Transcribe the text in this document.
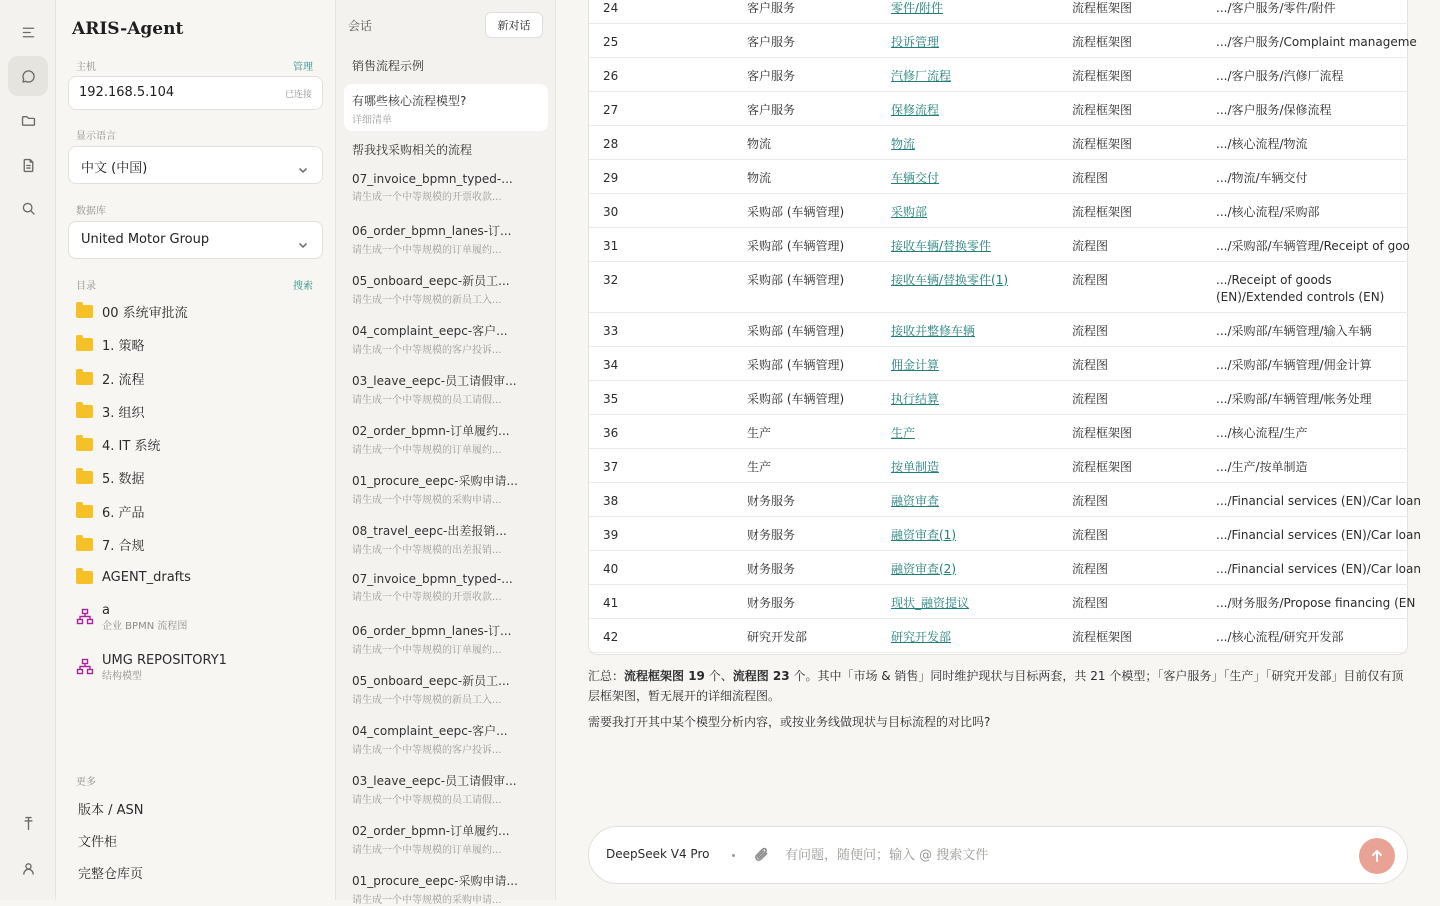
ARIS-Agent
主机	管理
192.168.5.104	已连接
显示语言
中文 (中国)
数据库
United Motor Group
目录	搜索
00 系统审批流
1. 策略
2. 流程
3. 组织
4. IT 系统
5. 数据
6. 产品
7. 合规
AGENT_drafts
a
企业 BPMN 流程图
UMG REPOSITORY1
结构模型
更多
版本 / ASN
文件柜
完整仓库页
会话	新对话
销售流程示例
有哪些核心流程模型?
详细清单
帮我找采购相关的流程
07_invoice_bpmn_typed-...
请生成一个中等规模的开票收款...
06_order_bpmn_lanes-订...
请生成一个中等规模的订单履约...
05_onboard_eepc-新员工...
请生成一个中等规模的新员工入...
04_complaint_eepc-客户...
请生成一个中等规模的客户投诉...
03_leave_eepc-员工请假审...
请生成一个中等规模的员工请假...
02_order_bpmn-订单履约...
请生成一个中等规模的订单履约...
01_procure_eepc-采购申请...
请生成一个中等规模的采购申请...
08_travel_eepc-出差报销...
请生成一个中等规模的出差报销...
07_invoice_bpmn_typed-...
请生成一个中等规模的开票收款...
06_order_bpmn_lanes-订...
请生成一个中等规模的订单履约...
05_onboard_eepc-新员工...
请生成一个中等规模的新员工入...
04_complaint_eepc-客户...
请生成一个中等规模的客户投诉...
03_leave_eepc-员工请假审...
请生成一个中等规模的员工请假...
02_order_bpmn-订单履约...
请生成一个中等规模的订单履约...
01_procure_eepc-采购申请...
请生成一个中等规模的采购申请...
24	客户服务	零件/附件	流程框架图	.../客户服务/零件/附件
25	客户服务	投诉管理	流程框架图	.../客户服务/Complaint manageme
26	客户服务	汽修厂流程	流程框架图	.../客户服务/汽修厂流程
27	客户服务	保修流程	流程框架图	.../客户服务/保修流程
28	物流	物流	流程框架图	.../核心流程/物流
29	物流	车辆交付	流程图	.../物流/车辆交付
30	采购部 (车辆管理)	采购部	流程框架图	.../核心流程/采购部
31	采购部 (车辆管理)	接收车辆/替换零件	流程图	.../采购部/车辆管理/Receipt of goo
32	采购部 (车辆管理)	接收车辆/替换零件(1)	流程图	.../Receipt of goods (EN)/Extended controls (EN)
33	采购部 (车辆管理)	接收并整修车辆	流程图	.../采购部/车辆管理/输入车辆
34	采购部 (车辆管理)	佣金计算	流程图	.../采购部/车辆管理/佣金计算
35	采购部 (车辆管理)	执行结算	流程图	.../采购部/车辆管理/帐务处理
36	生产	生产	流程框架图	.../核心流程/生产
37	生产	按单制造	流程框架图	.../生产/按单制造
38	财务服务	融资审查	流程图	.../Financial services (EN)/Car loan
39	财务服务	融资审查(1)	流程图	.../Financial services (EN)/Car loan
40	财务服务	融资审查(2)	流程图	.../Financial services (EN)/Car loan
41	财务服务	现状_融资提议	流程图	.../财务服务/Propose financing (EN
42	研究开发部	研究开发部	流程框架图	.../核心流程/研究开发部
汇总：流程框架图 19 个、流程图 23 个。其中「市场 & 销售」同时维护现状与目标两套，共 21 个模型；「客户服务」「生产」「研究开发部」目前仅有顶层框架图，暂无展开的详细流程图。
需要我打开其中某个模型分析内容，或按业务线做现状与目标流程的对比吗?
DeepSeek V4 Pro
有问题，随便问；输入 @ 搜索文件
